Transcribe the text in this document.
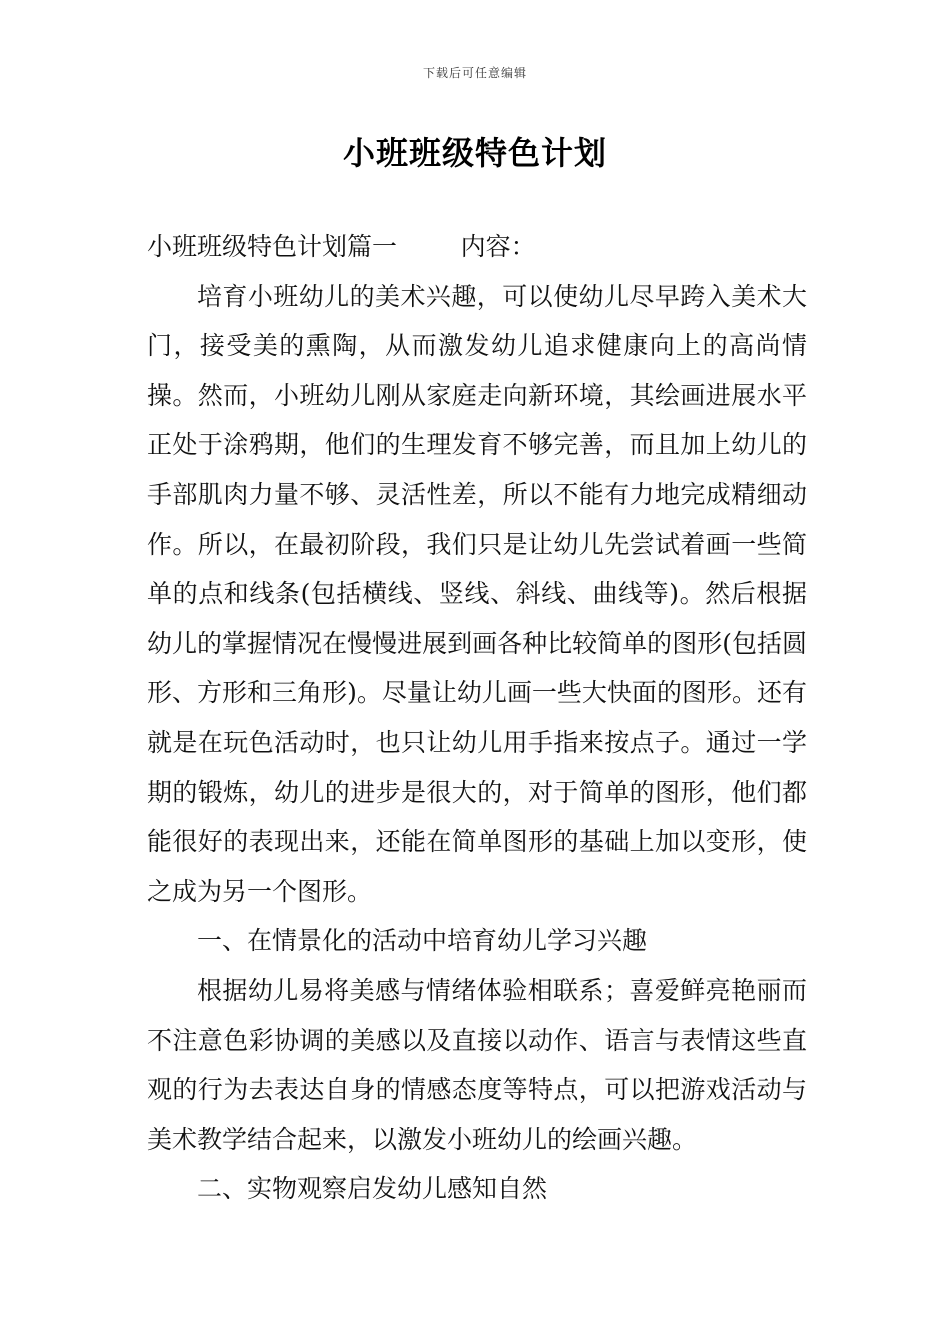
下载后可任意编辑
小班班级特色计划

小班班级特色计划篇一        内容：

培育小班幼儿的美术兴趣，可以使幼儿尽早跨入美术大门，接受美的熏陶，从而激发幼儿追求健康向上的高尚情操。然而，小班幼儿刚从家庭走向新环境，其绘画进展水平正处于涂鸦期，他们的生理发育不够完善，而且加上幼儿的手部肌肉力量不够、灵活性差，所以不能有力地完成精细动作。所以，在最初阶段，我们只是让幼儿先尝试着画一些简单的点和线条(包括横线、竖线、斜线、曲线等)。然后根据幼儿的掌握情况在慢慢进展到画各种比较简单的图形(包括圆形、方形和三角形)。尽量让幼儿画一些大快面的图形。还有就是在玩色活动时，也只让幼儿用手指来按点子。通过一学期的锻炼，幼儿的进步是很大的，对于简单的图形，他们都能很好的表现出来，还能在简单图形的基础上加以变形，使之成为另一个图形。

一、在情景化的活动中培育幼儿学习兴趣

根据幼儿易将美感与情绪体验相联系；喜爱鲜亮艳丽而不注意色彩协调的美感以及直接以动作、语言与表情这些直观的行为去表达自身的情感态度等特点，可以把游戏活动与美术教学结合起来，以激发小班幼儿的绘画兴趣。

二、实物观察启发幼儿感知自然
